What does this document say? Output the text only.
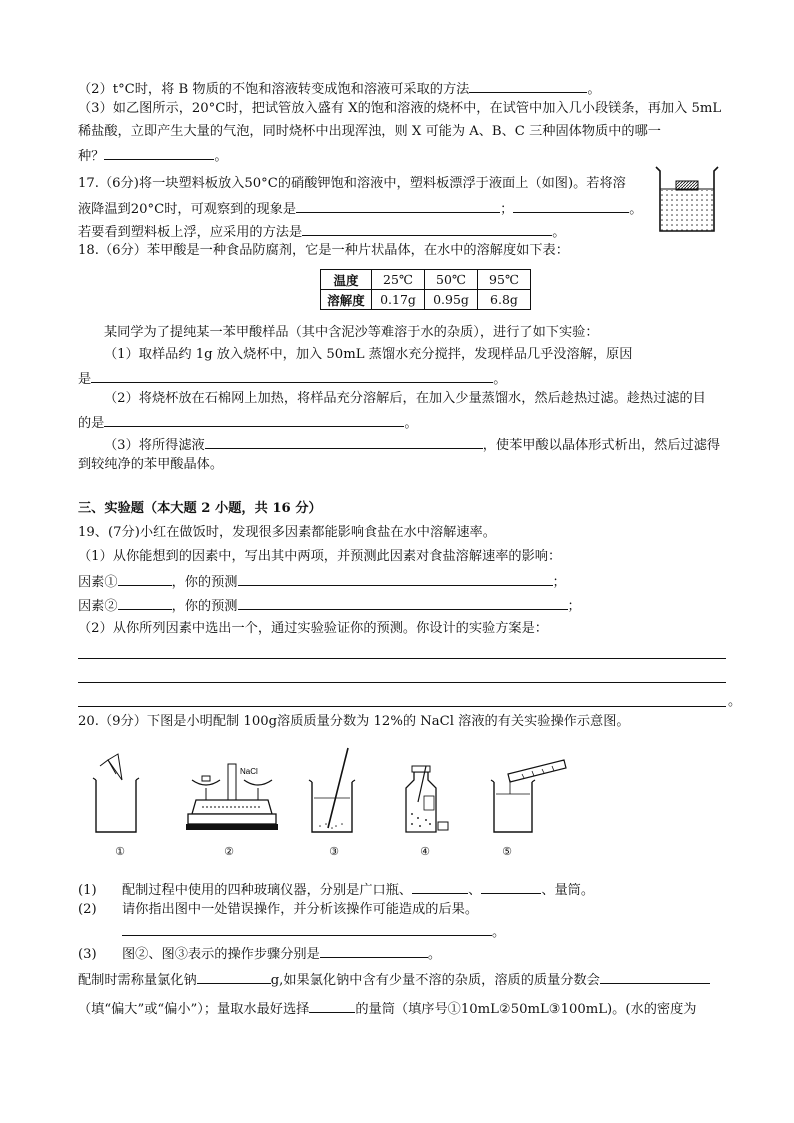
（2）t°C时，将 B 物质的不饱和溶液转变成饱和溶液可采取的方法	。
（3）如乙图所示，20°C时，把试管放入盛有 X的饱和溶液的烧杯中，在试管中加入几小段镁条，再加入 5mL
稀盐酸，立即产生大量的气泡，同时烧杯中出现浑浊，则 X 可能为 A、B、C 三种固体物质中的哪一
种？	。
17.（6分)将一块塑料板放入50°C的硝酸钾饱和溶液中，塑料板漂浮于液面上（如图)。若将溶
液降温到20°C时，可观察到的现象是	；	。
若要看到塑料板上浮，应采用的方法是	。
18.（6分）苯甲酸是一种食品防腐剂，它是一种片状晶体，在水中的溶解度如下表：
温度	25℃	50℃	95℃
溶解度	0.17g	0.95g	6.8g
某同学为了提纯某一苯甲酸样品（其中含泥沙等难溶于水的杂质），进行了如下实验：
（1）取样品约 1g 放入烧杯中，加入 50mL 蒸馏水充分搅拌，发现样品几乎没溶解，原因
是	。
（2）将烧杯放在石棉网上加热，将样品充分溶解后，在加入少量蒸馏水，然后趁热过滤。趁热过滤的目
的是	。
（3）将所得滤液	，使苯甲酸以晶体形式析出，然后过滤得
到较纯净的苯甲酸晶体。
三、实验题（本大题 2 小题，共 16 分）
19、(7分)小红在做饭时，发现很多因素都能影响食盐在水中溶解速率。
（1）从你能想到的因素中，写出其中两项，并预测此因素对食盐溶解速率的影响：
因素①	，你的预测	；
因素②	，你的预测	；
（2）从你所列因素中选出一个，通过实验验证你的预测。你设计的实验方案是：
。
20.（9分）下图是小明配制 100g溶质质量分数为 12%的 NaCl 溶液的有关实验操作示意图。
NaCl
①	②	③	④	⑤
(1) 配制过程中使用的四种玻璃仪器，分别是广口瓶、	、	、量筒。
(2) 请你指出图中一处错误操作，并分析该操作可能造成的后果。
。
(3) 图②、图③表示的操作步骤分别是	。
配制时需称量氯化钠	g,如果氯化钠中含有少量不溶的杂质，溶质的质量分数会
（填“偏大”或“偏小”）；量取水最好选择	的量筒（填序号①10mL②50mL③100mL)。(水的密度为
